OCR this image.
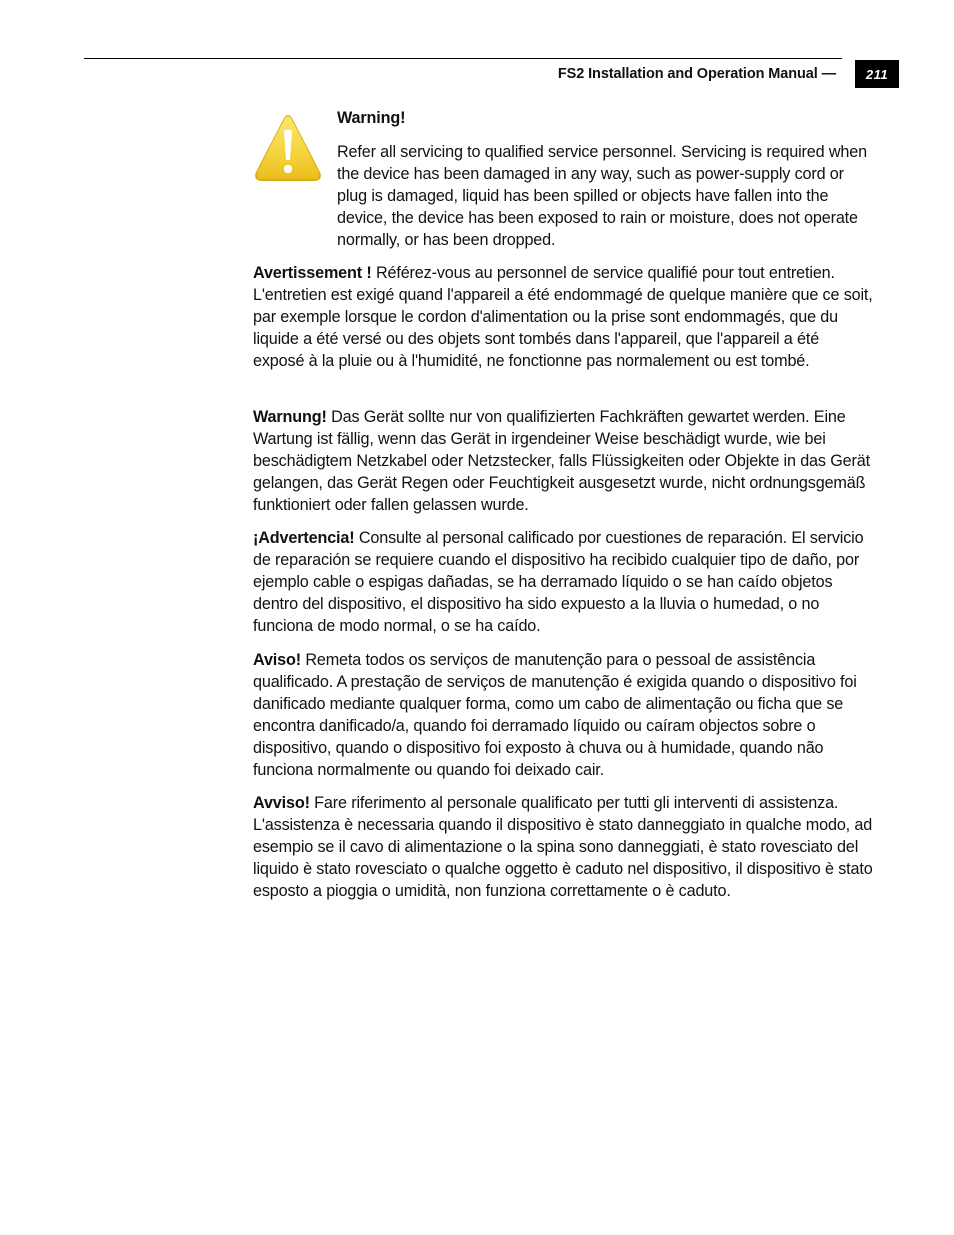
FS2 Installation and Operation Manual —	211
Warning!

Refer all servicing to qualified service personnel. Servicing is required when the device has been damaged in any way, such as power-supply cord or plug is damaged, liquid has been spilled or objects have fallen into the device, the device has been exposed to rain or moisture, does not operate normally, or has been dropped.

Avertissement ! Référez-vous au personnel de service qualifié pour tout entretien. L'entretien est exigé quand l'appareil a été endommagé de quelque manière que ce soit, par exemple lorsque le cordon d'alimentation ou la prise sont endommagés, que du liquide a été versé ou des objets sont tombés dans l'appareil, que l'appareil a été exposé à la pluie ou à l'humidité, ne fonctionne pas normalement ou est tombé.

Warnung! Das Gerät sollte nur von qualifizierten Fachkräften gewartet werden. Eine Wartung ist fällig, wenn das Gerät in irgendeiner Weise beschädigt wurde, wie bei beschädigtem Netzkabel oder Netzstecker, falls Flüssigkeiten oder Objekte in das Gerät gelangen, das Gerät Regen oder Feuchtigkeit ausgesetzt wurde, nicht ordnungsgemäß funktioniert oder fallen gelassen wurde.

¡Advertencia! Consulte al personal calificado por cuestiones de reparación. El servicio de reparación se requiere cuando el dispositivo ha recibido cualquier tipo de daño, por ejemplo cable o espigas dañadas, se ha derramado líquido o se han caído objetos dentro del dispositivo, el dispositivo ha sido expuesto a la lluvia o humedad, o no funciona de modo normal, o se ha caído.

Aviso! Remeta todos os serviços de manutenção para o pessoal de assistência qualificado. A prestação de serviços de manutenção é exigida quando o dispositivo foi danificado mediante qualquer forma, como um cabo de alimentação ou ficha que se encontra danificado/a, quando foi derramado líquido ou caíram objectos sobre o dispositivo, quando o dispositivo foi exposto à chuva ou à humidade, quando não funciona normalmente ou quando foi deixado cair.

Avviso! Fare riferimento al personale qualificato per tutti gli interventi di assistenza. L'assistenza è necessaria quando il dispositivo è stato danneggiato in qualche modo, ad esempio se il cavo di alimentazione o la spina sono danneggiati, è stato rovesciato del liquido è stato rovesciato o qualche oggetto è caduto nel dispositivo, il dispositivo è stato esposto a pioggia o umidità, non funziona correttamente o è caduto.
